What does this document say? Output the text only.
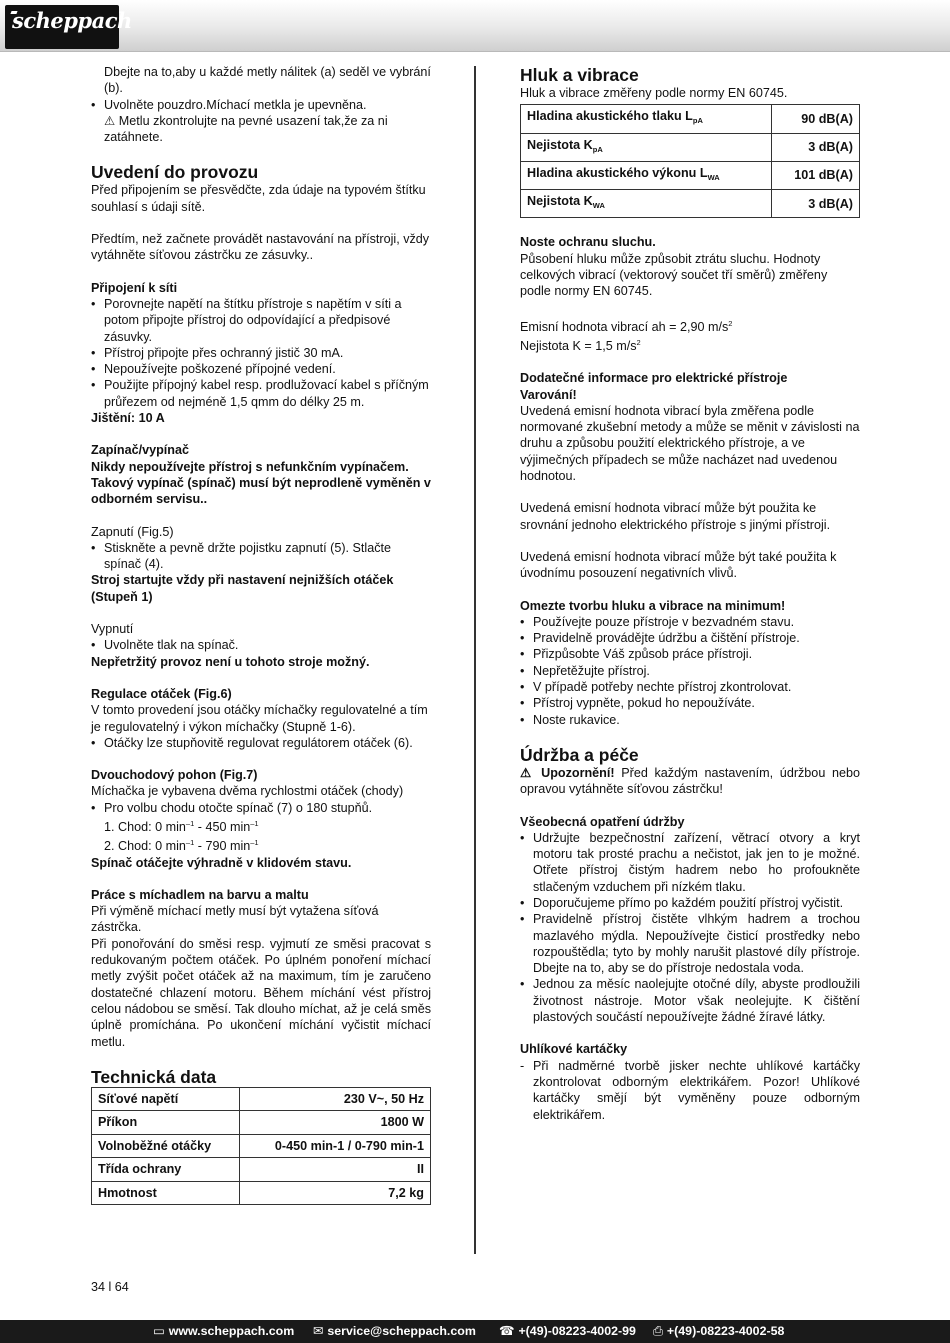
scheppach

Dbejte na to,aby u každé metly nálitek (a) seděl ve vybrání (b).

• Uvolněte pouzdro.Míchací metkla je upevněna.

⚠ Metlu zkontrolujte na pevné usazení tak,že za ni zatáhnete.

Uvedení do provozu

Před připojením se přesvědčte, zda údaje na typovém štítku souhlasí s údaji sítě.

Předtím, než začnete provádět nastavování na přístroji, vždy vytáhněte síťovou zástrčku ze zásuvky..

Připojení k síti

• Porovnejte napětí na štítku přístroje s napětím v síti a potom připojte přístroj do odpovídající a předpisové zásuvky.
• Přístroj připojte přes ochranný jistič 30 mA.
• Nepoužívejte poškozené přípojné vedení.
• Použijte přípojný kabel resp. prodlužovací kabel s příčným průřezem od nejméně 1,5 qmm do délky 25 m.

Jištění: 10 A

Zapínač/vypínač

Nikdy nepoužívejte přístroj s nefunkčním vypínačem. Takový vypínač (spínač) musí být neprodleně vyměněn v odborném servisu..

Zapnutí (Fig.5)

• Stiskněte a pevně držte pojistku zapnutí (5). Stlačte spínač (4).

Stroj startujte vždy při nastavení nejnižších otáček (Stupeň 1)

Vypnutí

• Uvolněte tlak na spínač.

Nepřetržitý provoz není u tohoto stroje možný.

Regulace otáček (Fig.6)

V tomto provedení jsou otáčky míchačky regulovatelné a tím je regulovatelný i výkon míchačky (Stupně 1-6).

• Otáčky lze stupňovitě regulovat regulátorem otáček (6).

Dvouchodový pohon (Fig.7)

Míchačka je vybavena dvěma rychlostmi otáček (chody)

• Pro volbu chodu otočte spínač (7) o 180 stupňů.

1. Chod: 0 $\min^{-1} - 450$ $\min^{-1}$

2. Chod: 0 $\min^{-1} - 790$ $\min^{-1}$

Spínač otáčejte výhradně v klidovém stavu.

Práce s míchadlem na barvu a maltu

Při výměně míchací metly musí být vytažena síťová zástrčka.

Při ponořování do směsi resp. vyjmutí ze směsi pracovat s redukovaným počtem otáček. Po úplném ponoření míchací metly zvýšit počet otáček až na maximum, tím je zaručeno dostatečné chlazení motoru. Během míchání vést přístroj celou nádobou se směsí. Tak dlouho míchat, až je celá směs úplně promíchána. Po ukončení míchání vyčistit míchací metlu.

Technická data
Síťové napětí	230 V~, 50 Hz
Příkon	1800 W
Volnoběžné otáčky	0-450 min-1 / 0-790 min-1
Třída ochrany	II
Hmotnost	7,2 kg
Hluk a vibrace

Hluk a vibrace změřeny podle normy EN 60745.

Hladina akustického tlaku $L_{pA}$	90 dB(A)
Nejistota $K_{pA}$	3 dB(A)
Hladina akustického výkonu $L_{WA}$	101 dB(A)
Nejistota $K_{WA}$	3 dB(A)

Noste ochranu sluchu.

Působení hluku může způsobit ztrátu sluchu. Hodnoty celkových vibrací (vektorový součet tří směrů) změřeny podle normy EN 60745.

Emisní hodnota vibrací ah = 2,90 $m/s^2$

Nejistota K = 1,5 $m/s^2$

Dodatečné informace pro elektrické přístroje

Varování!

Uvedená emisní hodnota vibrací byla změřena podle normované zkušební metody a může se měnit v závislosti na druhu a způsobu použití elektrického přístroje, a ve výjimečných případech se může nacházet nad uvedenou hodnotou.

Uvedená emisní hodnota vibrací může být použita ke srovnání jednoho elektrického přístroje s jinými přístroji.

Uvedená emisní hodnota vibrací může být také použita k úvodnímu posouzení negativních vlivů.

Omezte tvorbu hluku a vibrace na minimum!

• Používejte pouze přístroje v bezvadném stavu.
• Pravidelně provádějte údržbu a čištění přístroje.
• Přizpůsobte Váš způsob práce přístroji.
• Nepřetěžujte přístroj.
• V případě potřeby nechte přístroj zkontrolovat.
• Přístroj vypněte, pokud ho nepoužíváte.
• Noste rukavice.
Údržba a péče

⚠ Upozornění! Před každým nastavením, údržbou nebo opravou vytáhněte síťovou zástrčku!

Všeobecná opatření údržby

• Udržujte bezpečnostní zařízení, větrací otvory a kryt motoru tak prosté prachu a nečistot, jak jen to je možné. Otřete přístroj čistým hadrem nebo ho profoukněte stlačeným vzduchem při nízkém tlaku.
• Doporučujeme přímo po každém použití přístroj vyčistit.
• Pravidelně přístroj čistěte vlhkým hadrem a trochou mazlavého mýdla. Nepoužívejte čisticí prostředky nebo rozpouštědla; tyto by mohly narušit plastové díly přístroje. Dbejte na to, aby se do přístroje nedostala voda.
• Jednou za měsíc naolejujte otočné díly, abyste prodloužili životnost nástroje. Motor však neolejujte. K čištění plastových součástí nepoužívejte žádné žíravé látky.

Uhlíkové kartáčky

- Při nadměrné tvorbě jisker nechte uhlíkové kartáčky zkontrolovat odborným elektrikářem. Pozor! Uhlíkové kartáčky smějí být vyměněny pouze odborným elektrikářem.
34 l 64
▭ www.scheppach.com ✉ service@scheppach.com ☎ +(49)-08223-4002-99 ⎙ +(49)-08223-4002-58
